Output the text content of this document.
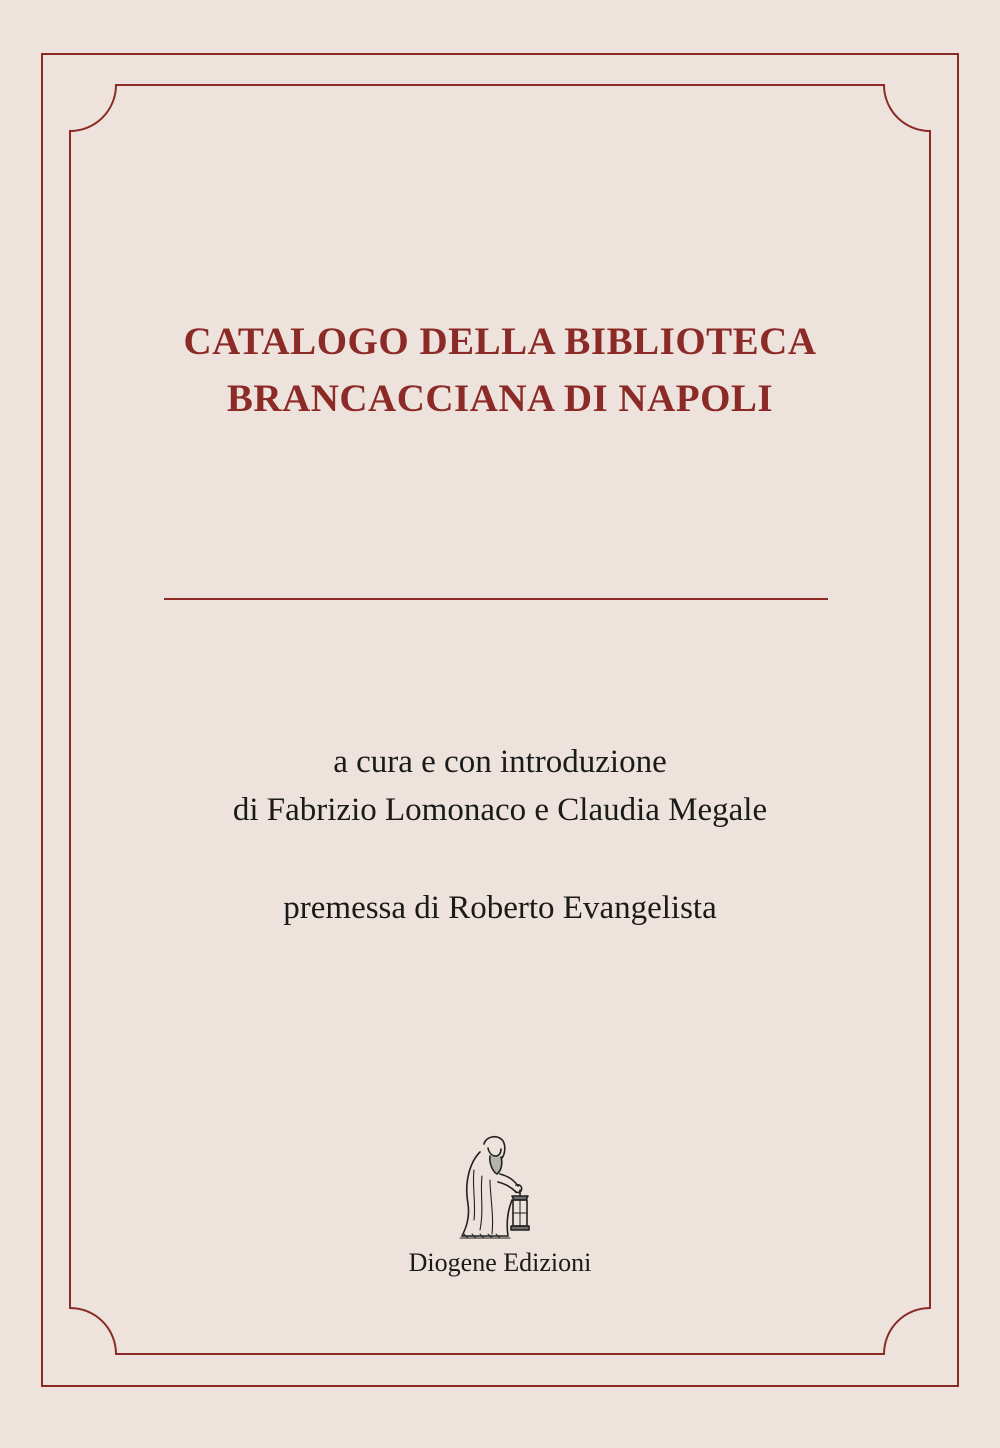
CATALOGO DELLA BIBLIOTECA
BRANCACCIANA DI NAPOLI

a cura e con introduzione

di Fabrizio Lomonaco e Claudia Megale

premessa di Roberto Evangelista

Diogene Edizioni
